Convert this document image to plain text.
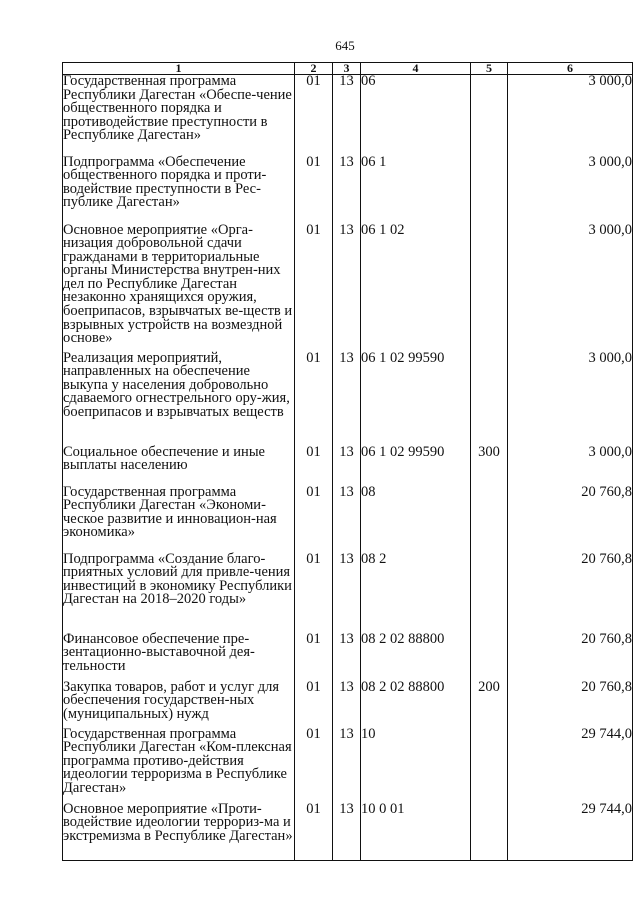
645
1	2	3	4	5	6
Государственная программа Республики Дагестан «Обеспе-чение общественного порядка и противодействие преступности в Республике Дагестан»	01	13	06		3 000,0
Подпрограмма «Обеспечение общественного порядка и проти-водействие преступности в Рес-публике Дагестан»	01	13	06 1		3 000,0
Основное мероприятие «Орга-низация добровольной сдачи гражданами в территориальные органы Министерства внутрен-них дел по Республике Дагестан незаконно хранящихся оружия, боеприпасов, взрывчатых ве-ществ и взрывных устройств на возмездной основе»	01	13	06 1 02		3 000,0
Реализация мероприятий, направленных на обеспечение выкупа у населения добровольно сдаваемого огнестрельного ору-жия, боеприпасов и взрывчатых веществ	01	13	06 1 02 99590		3 000,0
Социальное обеспечение и иные выплаты населению	01	13	06 1 02 99590	300	3 000,0
Государственная программа Республики Дагестан «Экономи-ческое развитие и инновацион-ная экономика»	01	13	08		20 760,8
Подпрограмма «Создание благо-приятных условий для привле-чения инвестиций в экономику Республики Дагестан на 2018–2020 годы»	01	13	08 2		20 760,8
Финансовое обеспечение пре-зентационно-выставочной дея-тельности	01	13	08 2 02 88800		20 760,8
Закупка товаров, работ и услуг для обеспечения государствен-ных (муниципальных) нужд	01	13	08 2 02 88800	200	20 760,8
Государственная программа Республики Дагестан «Ком-плексная программа противо-действия идеологии терроризма в Республике Дагестан»	01	13	10		29 744,0
Основное мероприятие «Проти-водействие идеологии террориз-ма и экстремизма в Республике Дагестан»	01	13	10 0 01		29 744,0
